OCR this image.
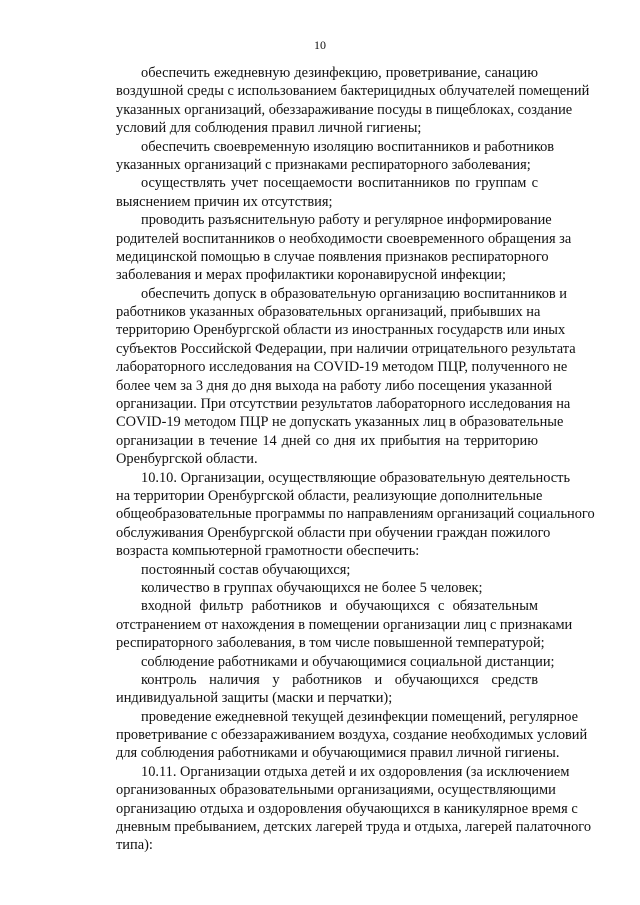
10
обеспечить ежедневную дезинфекцию, проветривание, санацию
воздушной среды с использованием бактерицидных облучателей помещений
указанных организаций, обеззараживание посуды в пищеблоках, создание
условий для соблюдения правил личной гигиены;
обеспечить своевременную изоляцию воспитанников и работников
указанных организаций с признаками респираторного заболевания;
осуществлять учет посещаемости воспитанников по группам с
выяснением причин их отсутствия;
проводить разъяснительную работу и регулярное информирование
родителей воспитанников о необходимости своевременного обращения за
медицинской помощью в случае появления признаков респираторного
заболевания и мерах профилактики коронавирусной инфекции;
обеспечить допуск в образовательную организацию воспитанников и
работников указанных образовательных организаций, прибывших на
территорию Оренбургской области из иностранных государств или иных
субъектов Российской Федерации, при наличии отрицательного результата
лабораторного исследования на COVID-19 методом ПЦР, полученного не
более чем за 3 дня до дня выхода на работу либо посещения указанной
организации. При отсутствии результатов лабораторного исследования на
COVID-19 методом ПЦР не допускать указанных лиц в образовательные
организации в течение 14 дней со дня их прибытия на территорию
Оренбургской области.
10.10. Организации, осуществляющие образовательную деятельность
на территории Оренбургской области, реализующие дополнительные
общеобразовательные программы по направлениям организаций социального
обслуживания Оренбургской области при обучении граждан пожилого
возраста компьютерной грамотности обеспечить:
постоянный состав обучающихся;
количество в группах обучающихся не более 5 человек;
входной фильтр работников и обучающихся с обязательным
отстранением от нахождения в помещении организации лиц с признаками
респираторного заболевания, в том числе повышенной температурой;
соблюдение работниками и обучающимися социальной дистанции;
контроль наличия у работников и обучающихся средств
индивидуальной защиты (маски и перчатки);
проведение ежедневной текущей дезинфекции помещений, регулярное
проветривание с обеззараживанием воздуха, создание необходимых условий
для соблюдения работниками и обучающимися правил личной гигиены.
10.11. Организации отдыха детей и их оздоровления (за исключением
организованных образовательными организациями, осуществляющими
организацию отдыха и оздоровления обучающихся в каникулярное время с
дневным пребыванием, детских лагерей труда и отдыха, лагерей палаточного
типа):
